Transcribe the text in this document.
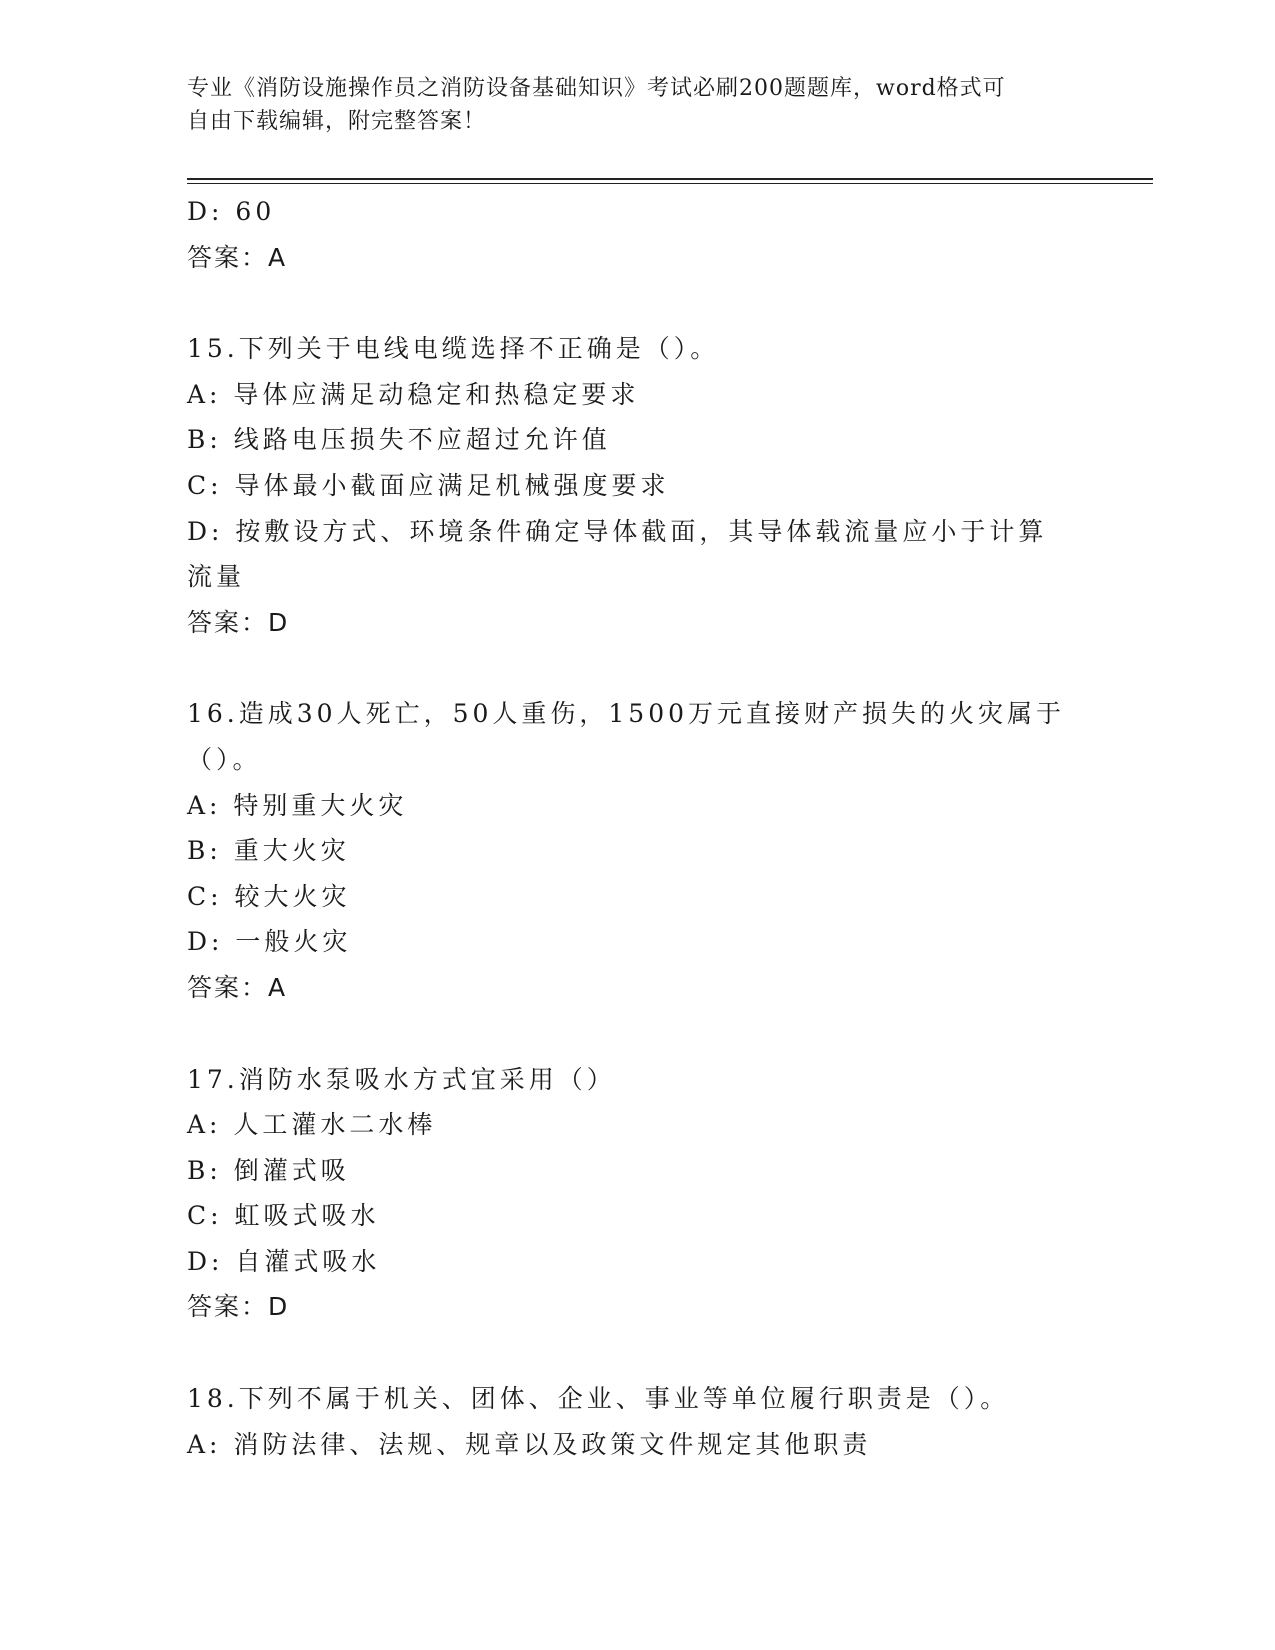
专业《消防设施操作员之消防设备基础知识》考试必刷200题题库，word格式可
自由下载编辑，附完整答案！
D: 60
答案：A
15.下列关于电线电缆选择不正确是（）。
A: 导体应满足动稳定和热稳定要求
B: 线路电压损失不应超过允许值
C: 导体最小截面应满足机械强度要求
D: 按敷设方式、环境条件确定导体截面，其导体载流量应小于计算流量
答案：D
16.造成30人死亡，50人重伤，1500万元直接财产损失的火灾属于（）。
A: 特别重大火灾
B: 重大火灾
C: 较大火灾
D: 一般火灾
答案：A
17.消防水泵吸水方式宜采用（）
A: 人工灌水二水棒
B: 倒灌式吸
C: 虹吸式吸水
D: 自灌式吸水
答案：D
18.下列不属于机关、团体、企业、事业等单位履行职责是（）。
A: 消防法律、法规、规章以及政策文件规定其他职责
